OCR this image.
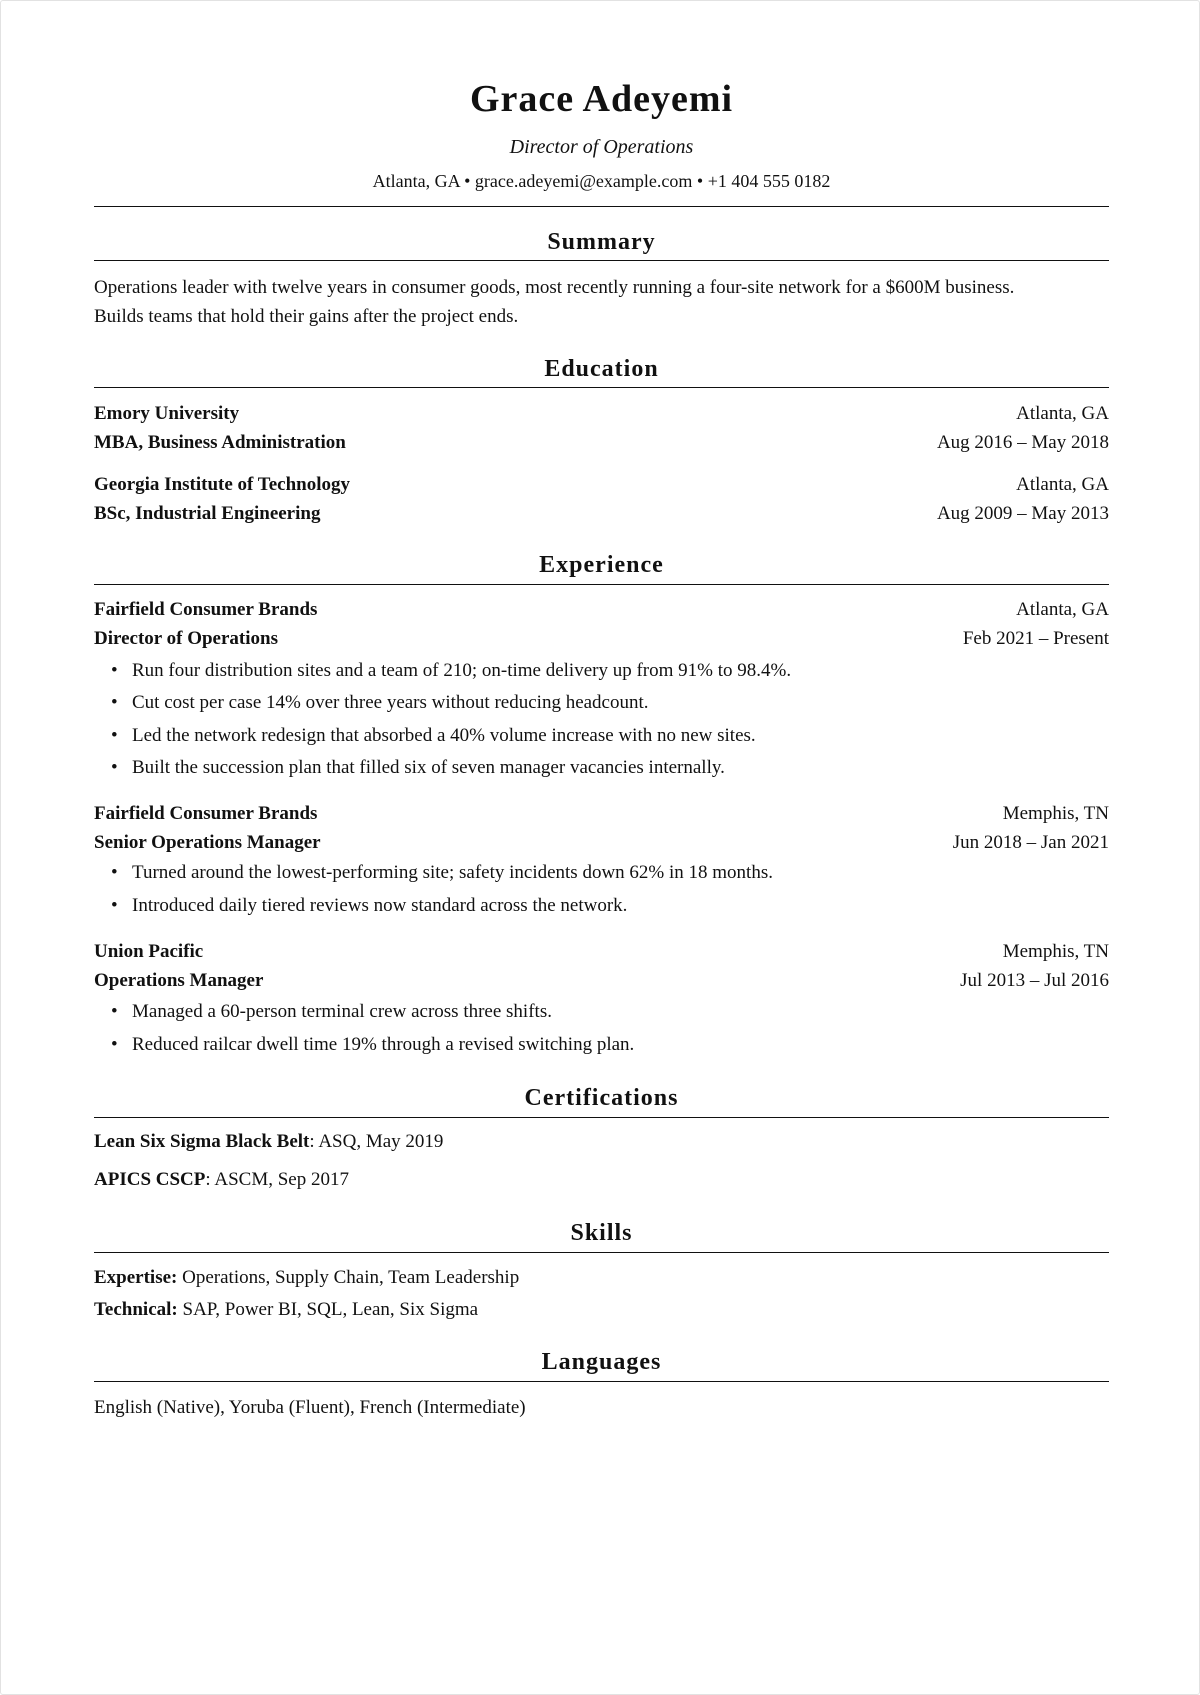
Grace Adeyemi
Director of Operations
Atlanta, GA • grace.adeyemi@example.com • +1 404 555 0182
Summary
Operations leader with twelve years in consumer goods, most recently running a four-site network for a $600M business.
Builds teams that hold their gains after the project ends.
Education
Emory University	Atlanta, GA
MBA, Business Administration	Aug 2016 – May 2018
Georgia Institute of Technology	Atlanta, GA
BSc, Industrial Engineering	Aug 2009 – May 2013
Experience
Fairfield Consumer Brands	Atlanta, GA
Director of Operations	Feb 2021 – Present
• Run four distribution sites and a team of 210; on-time delivery up from 91% to 98.4%.
• Cut cost per case 14% over three years without reducing headcount.
• Led the network redesign that absorbed a 40% volume increase with no new sites.
• Built the succession plan that filled six of seven manager vacancies internally.
Fairfield Consumer Brands	Memphis, TN
Senior Operations Manager	Jun 2018 – Jan 2021
• Turned around the lowest-performing site; safety incidents down 62% in 18 months.
• Introduced daily tiered reviews now standard across the network.
Union Pacific	Memphis, TN
Operations Manager	Jul 2013 – Jul 2016
• Managed a 60-person terminal crew across three shifts.
• Reduced railcar dwell time 19% through a revised switching plan.
Certifications
Lean Six Sigma Black Belt: ASQ, May 2019
APICS CSCP: ASCM, Sep 2017
Skills
Expertise: Operations, Supply Chain, Team Leadership
Technical: SAP, Power BI, SQL, Lean, Six Sigma
Languages
English (Native), Yoruba (Fluent), French (Intermediate)
